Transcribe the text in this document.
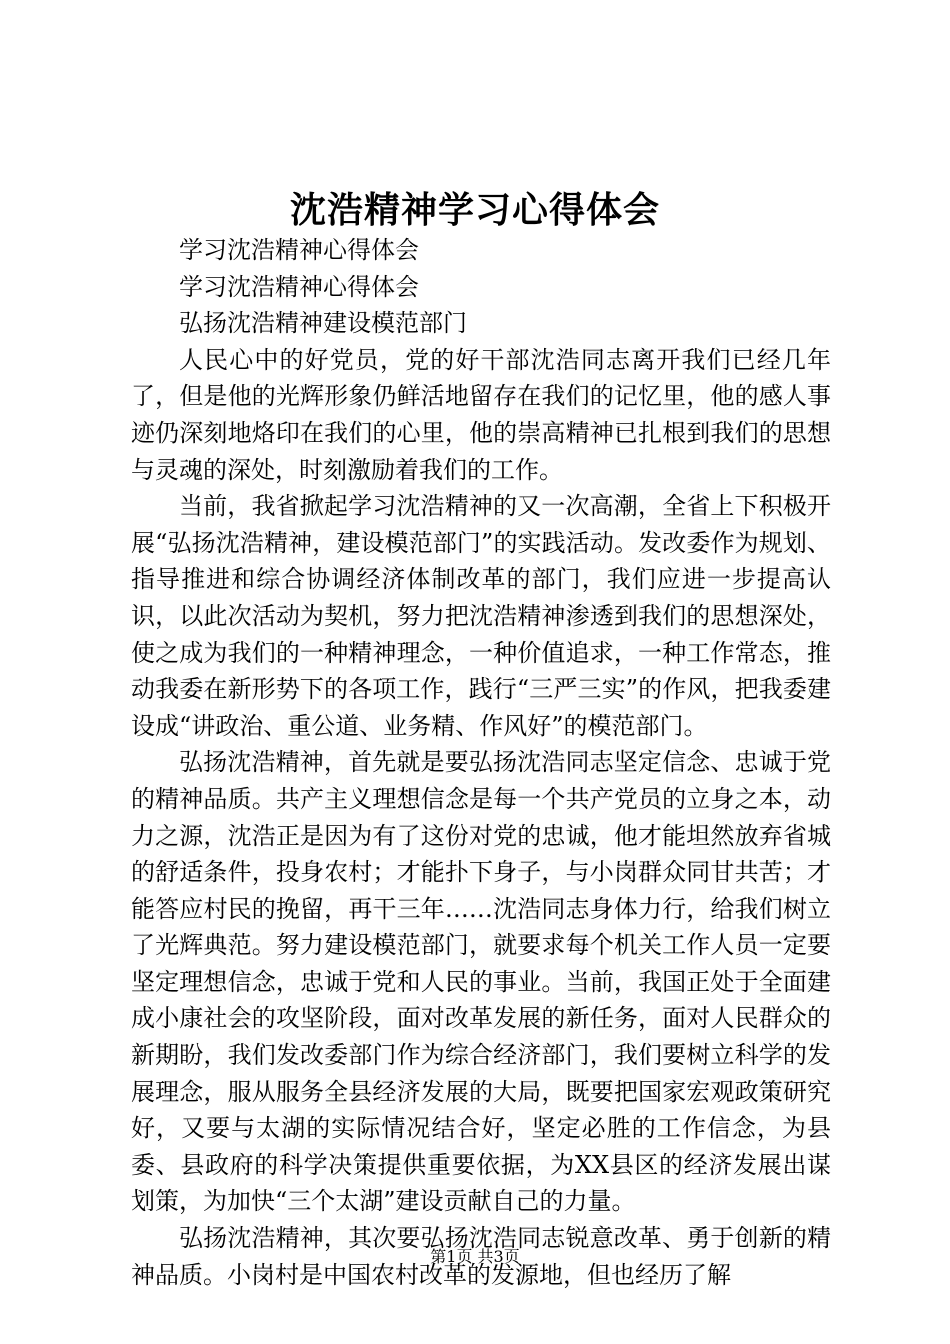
沈浩精神学习心得体会

学习沈浩精神心得体会

学习沈浩精神心得体会

弘扬沈浩精神建设模范部门

人民心中的好党员，党的好干部沈浩同志离开我们已经几年了，但是他的光辉形象仍鲜活地留存在我们的记忆里，他的感人事迹仍深刻地烙印在我们的心里，他的崇高精神已扎根到我们的思想与灵魂的深处，时刻激励着我们的工作。

当前，我省掀起学习沈浩精神的又一次高潮，全省上下积极开展“弘扬沈浩精神，建设模范部门”的实践活动。发改委作为规划、指导推进和综合协调经济体制改革的部门，我们应进一步提高认识，以此次活动为契机，努力把沈浩精神渗透到我们的思想深处，使之成为我们的一种精神理念，一种价值追求，一种工作常态，推动我委在新形势下的各项工作，践行“三严三实”的作风，把我委建设成“讲政治、重公道、业务精、作风好”的模范部门。

弘扬沈浩精神，首先就是要弘扬沈浩同志坚定信念、忠诚于党的精神品质。共产主义理想信念是每一个共产党员的立身之本，动力之源，沈浩正是因为有了这份对党的忠诚，他才能坦然放弃省城的舒适条件，投身农村；才能扑下身子，与小岗群众同甘共苦；才能答应村民的挽留，再干三年……沈浩同志身体力行，给我们树立了光辉典范。努力建设模范部门，就要求每个机关工作人员一定要坚定理想信念，忠诚于党和人民的事业。当前，我国正处于全面建成小康社会的攻坚阶段，面对改革发展的新任务，面对人民群众的新期盼，我们发改委部门作为综合经济部门，我们要树立科学的发展理念，服从服务全县经济发展的大局，既要把国家宏观政策研究好，又要与太湖的实际情况结合好，坚定必胜的工作信念，为县委、县政府的科学决策提供重要依据，为XX县区的经济发展出谋划策，为加快“三个太湖”建设贡献自己的力量。

弘扬沈浩精神，其次要弘扬沈浩同志锐意改革、勇于创新的精神品质。小岗村是中国农村改革的发源地，但也经历了解

第1页 共3页
